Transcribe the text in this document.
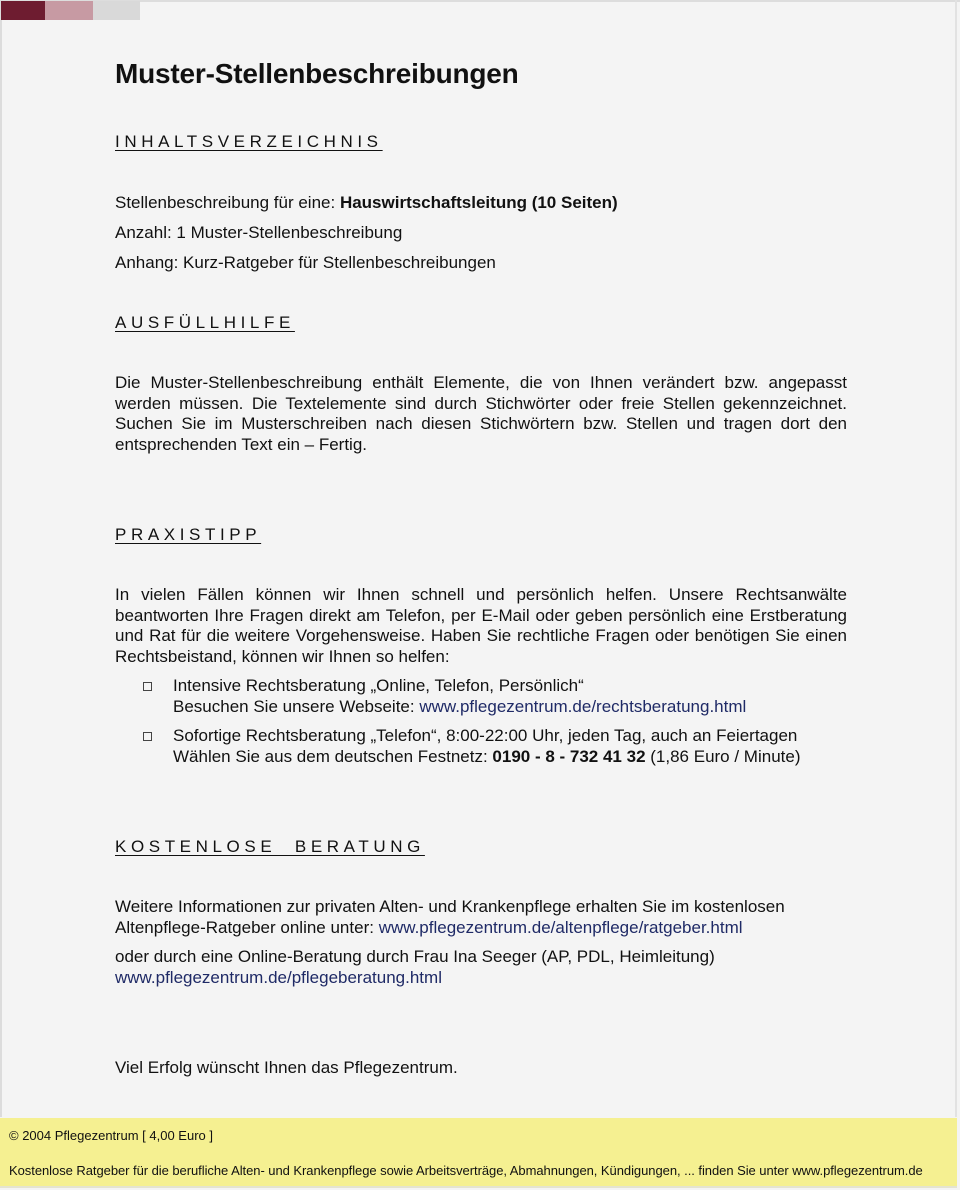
Muster-Stellenbeschreibungen
INHALTSVERZEICHNIS
Stellenbeschreibung für eine: Hauswirtschaftsleitung (10 Seiten)
Anzahl: 1 Muster-Stellenbeschreibung
Anhang: Kurz-Ratgeber für Stellenbeschreibungen
AUSFÜLLHILFE
Die Muster-Stellenbeschreibung enthält Elemente, die von Ihnen verändert bzw. angepasst werden müssen. Die Textelemente sind durch Stichwörter oder freie Stellen gekennzeichnet. Suchen Sie im Musterschreiben nach diesen Stichwörtern bzw. Stellen und tragen dort den entsprechenden Text ein – Fertig.
PRAXISTIPP
In vielen Fällen können wir Ihnen schnell und persönlich helfen. Unsere Rechtsanwälte beantworten Ihre Fragen direkt am Telefon, per E-Mail oder geben persönlich eine Erstberatung und Rat für die weitere Vorgehensweise. Haben Sie rechtliche Fragen oder benötigen Sie einen Rechtsbeistand, können wir Ihnen so helfen:
Intensive Rechtsberatung „Online, Telefon, Persönlich“
Besuchen Sie unsere Webseite: www.pflegezentrum.de/rechtsberatung.html
Sofortige Rechtsberatung „Telefon“, 8:00-22:00 Uhr, jeden Tag, auch an Feiertagen
Wählen Sie aus dem deutschen Festnetz: 0190 - 8 - 732 41 32 (1,86 Euro / Minute)
KOSTENLOSE  BERATUNG
Weitere Informationen zur privaten Alten- und Krankenpflege erhalten Sie im kostenlosen
Altenpflege-Ratgeber online unter: www.pflegezentrum.de/altenpflege/ratgeber.html
oder durch eine Online-Beratung durch Frau Ina Seeger (AP, PDL, Heimleitung)
www.pflegezentrum.de/pflegeberatung.html
Viel Erfolg wünscht Ihnen das Pflegezentrum.
© 2004 Pflegezentrum [ 4,00 Euro ]
Kostenlose Ratgeber für die berufliche Alten- und Krankenpflege sowie Arbeitsverträge, Abmahnungen, Kündigungen, ... finden Sie unter www.pflegezentrum.de
